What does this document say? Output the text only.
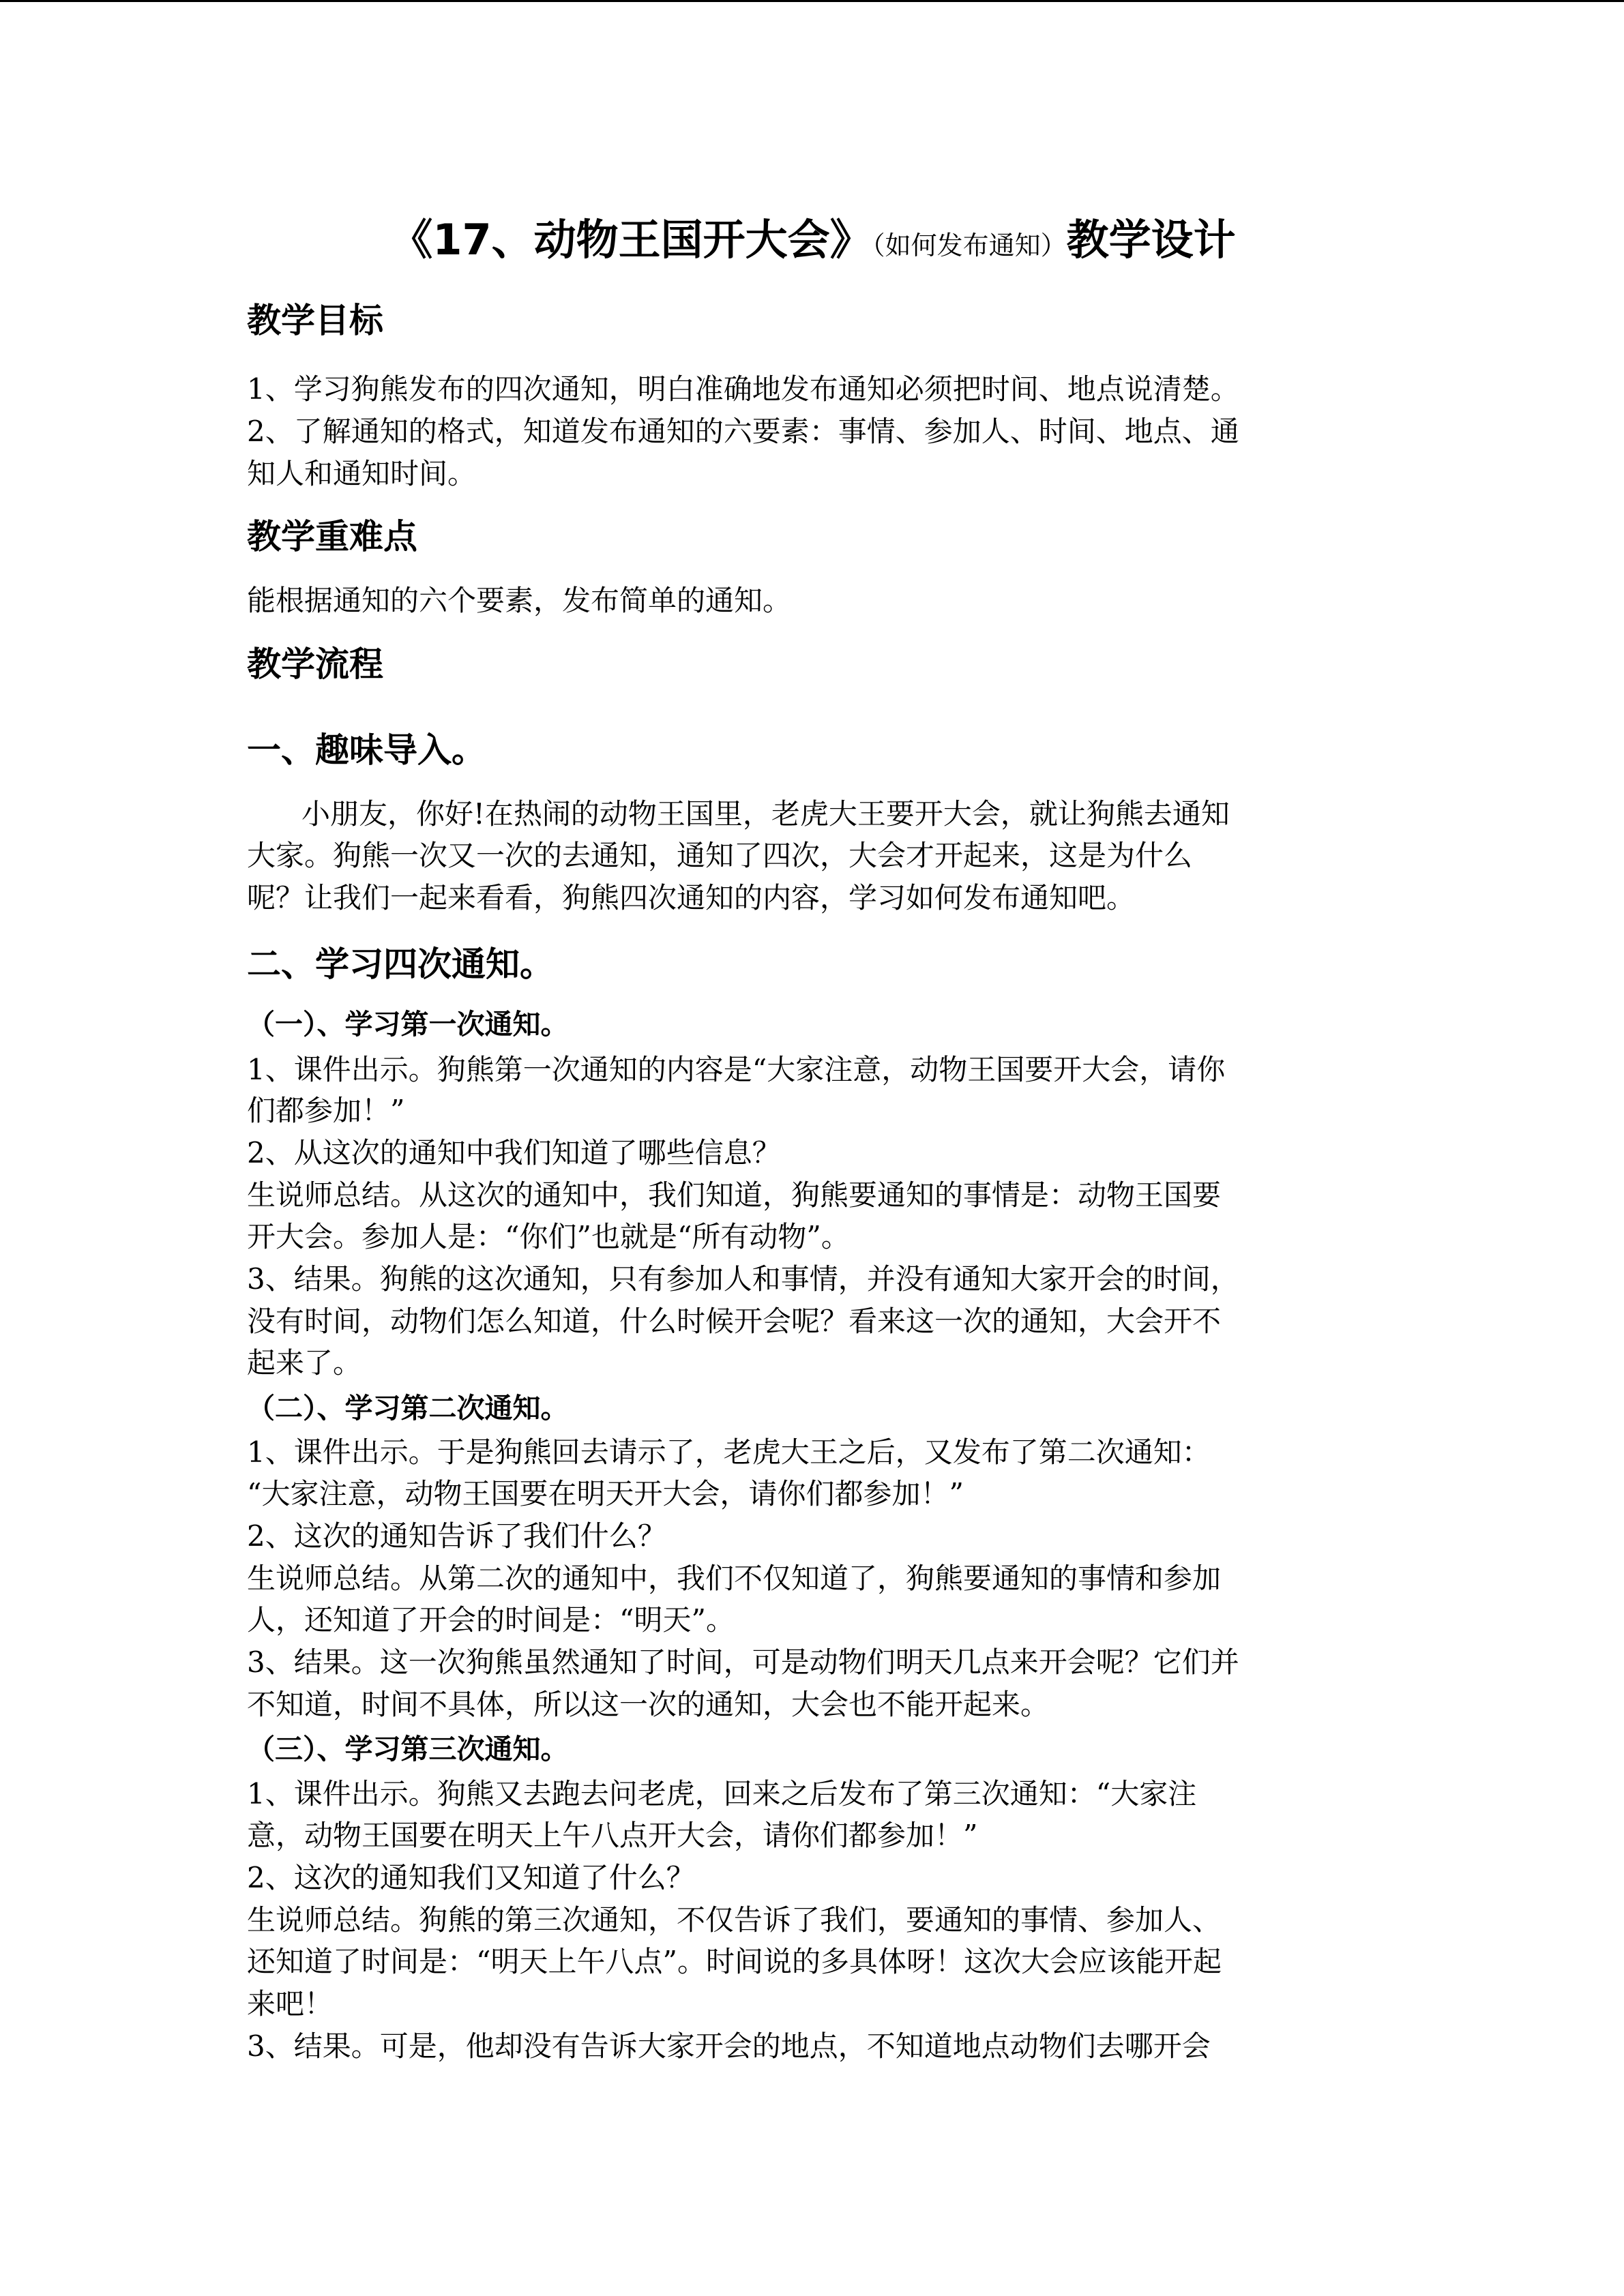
《17、动物王国开大会》（如何发布通知）教学设计
教学目标
1、学习狗熊发布的四次通知，明白准确地发布通知必须把时间、地点说清楚。
2、了解通知的格式，知道发布通知的六要素：事情、参加人、时间、地点、通
知人和通知时间。
教学重难点
能根据通知的六个要素，发布简单的通知。
教学流程
一、趣味导入。
小朋友，你好!在热闹的动物王国里，老虎大王要开大会，就让狗熊去通知
大家。狗熊一次又一次的去通知，通知了四次，大会才开起来，这是为什么
呢？让我们一起来看看，狗熊四次通知的内容，学习如何发布通知吧。
二、学习四次通知。
（一）、学习第一次通知。
1、课件出示。狗熊第一次通知的内容是“大家注意，动物王国要开大会，请你
们都参加！”
2、从这次的通知中我们知道了哪些信息？
生说师总结。从这次的通知中，我们知道，狗熊要通知的事情是：动物王国要
开大会。参加人是：“你们”也就是“所有动物”。
3、结果。狗熊的这次通知，只有参加人和事情，并没有通知大家开会的时间，
没有时间，动物们怎么知道，什么时候开会呢？看来这一次的通知，大会开不
起来了。
（二）、学习第二次通知。
1、课件出示。于是狗熊回去请示了，老虎大王之后，又发布了第二次通知：
“大家注意，动物王国要在明天开大会，请你们都参加！”
2、这次的通知告诉了我们什么？
生说师总结。从第二次的通知中，我们不仅知道了，狗熊要通知的事情和参加
人，还知道了开会的时间是：“明天”。
3、结果。这一次狗熊虽然通知了时间，可是动物们明天几点来开会呢？它们并
不知道，时间不具体，所以这一次的通知，大会也不能开起来。
（三）、学习第三次通知。
1、课件出示。狗熊又去跑去问老虎，回来之后发布了第三次通知：“大家注
意，动物王国要在明天上午八点开大会，请你们都参加！”
2、这次的通知我们又知道了什么？
生说师总结。狗熊的第三次通知，不仅告诉了我们，要通知的事情、参加人、
还知道了时间是：“明天上午八点”。时间说的多具体呀！这次大会应该能开起
来吧！
3、结果。可是，他却没有告诉大家开会的地点，不知道地点动物们去哪开会
